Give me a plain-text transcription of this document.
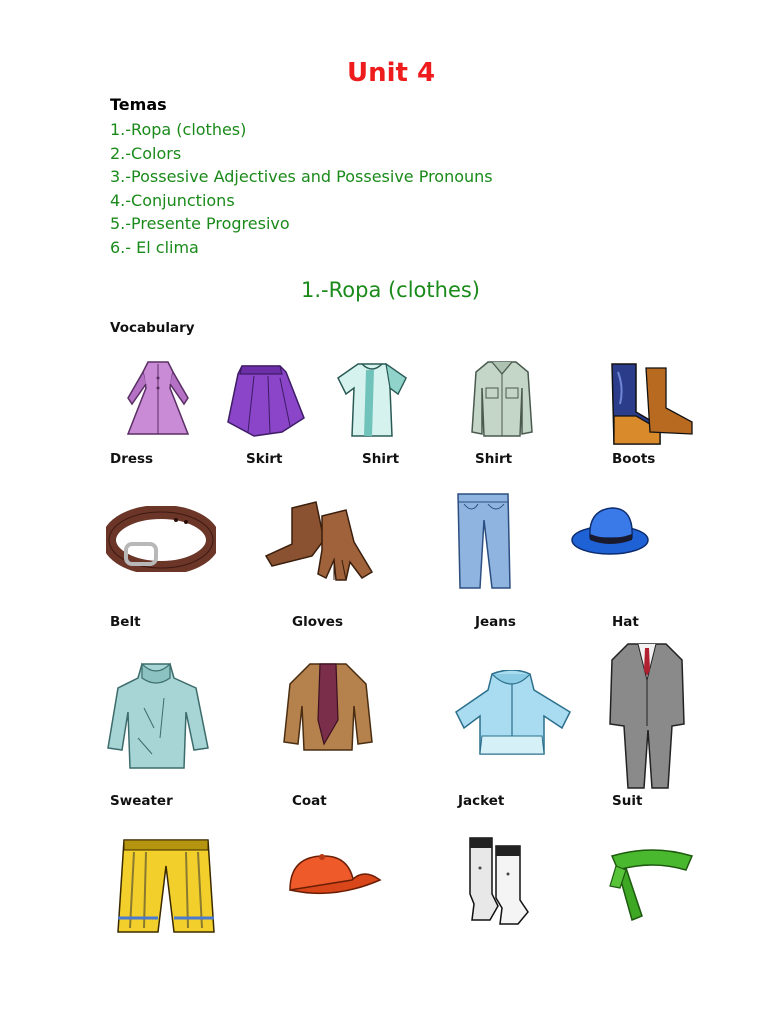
Unit 4
Temas
1.-Ropa (clothes)
2.-Colors
3.-Possesive Adjectives and Possesive Pronouns
4.-Conjunctions
5.-Presente Progresivo
6.- El clima
1.-Ropa (clothes)
Vocabulary
Dress	Skirt	Shirt	Shirt	Boots
Belt	Gloves	Jeans	Hat
Sweater	Coat	Jacket	Suit
